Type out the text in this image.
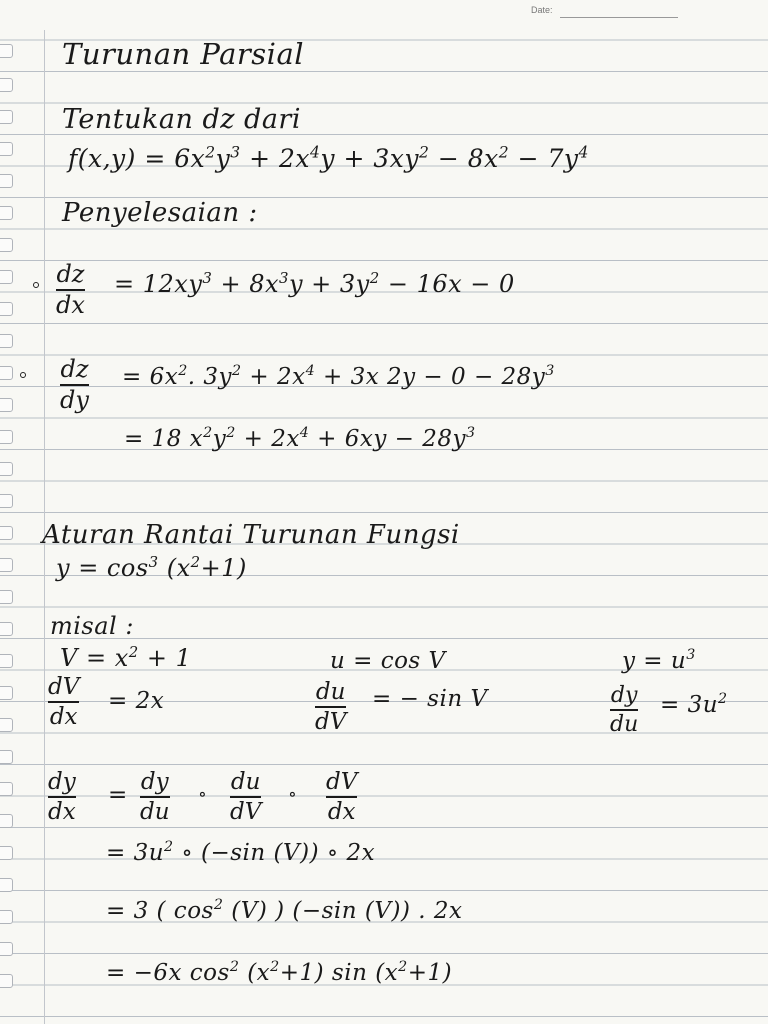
Date:

Turunan Parsial

Tentukan dz dari

$f(x,y) = 6x^2y^3 + 2x^4y + 3xy^2 - 8x^2 - 7y^4$

Penyelesaian :

dz
dx

= $12xy^3 + 8x^3y + 3y^2 - 16x - 0$

dz
dy

= $6x^2$. $3y^2 + 2x^4 + 3x$ $2y - 0 - 28y^3$

= 18 $x^2y^2 + 2x^4 + 6xy - 28y^3$

Aturan Rantai Turunan Fungsi

$y = \cos^3 (x^2+1)$

misal :

$V = x^2 + 1$

dV
dx

= 2x

u = cos V

du
dV

= − sin V

$y = u^3$

dy
du

= $3u^2$

dy
dx

= dy
du

∘ du
dV

∘ dV
dx

= $3u^2$ ∘ (−sin (V)) ∘ 2x

= 3 ( $\cos^2 (V)$ ) (−sin (V)) . 2x

= −6x $\cos^2 (x^2+1)$ $\sin (x^2+1)$
